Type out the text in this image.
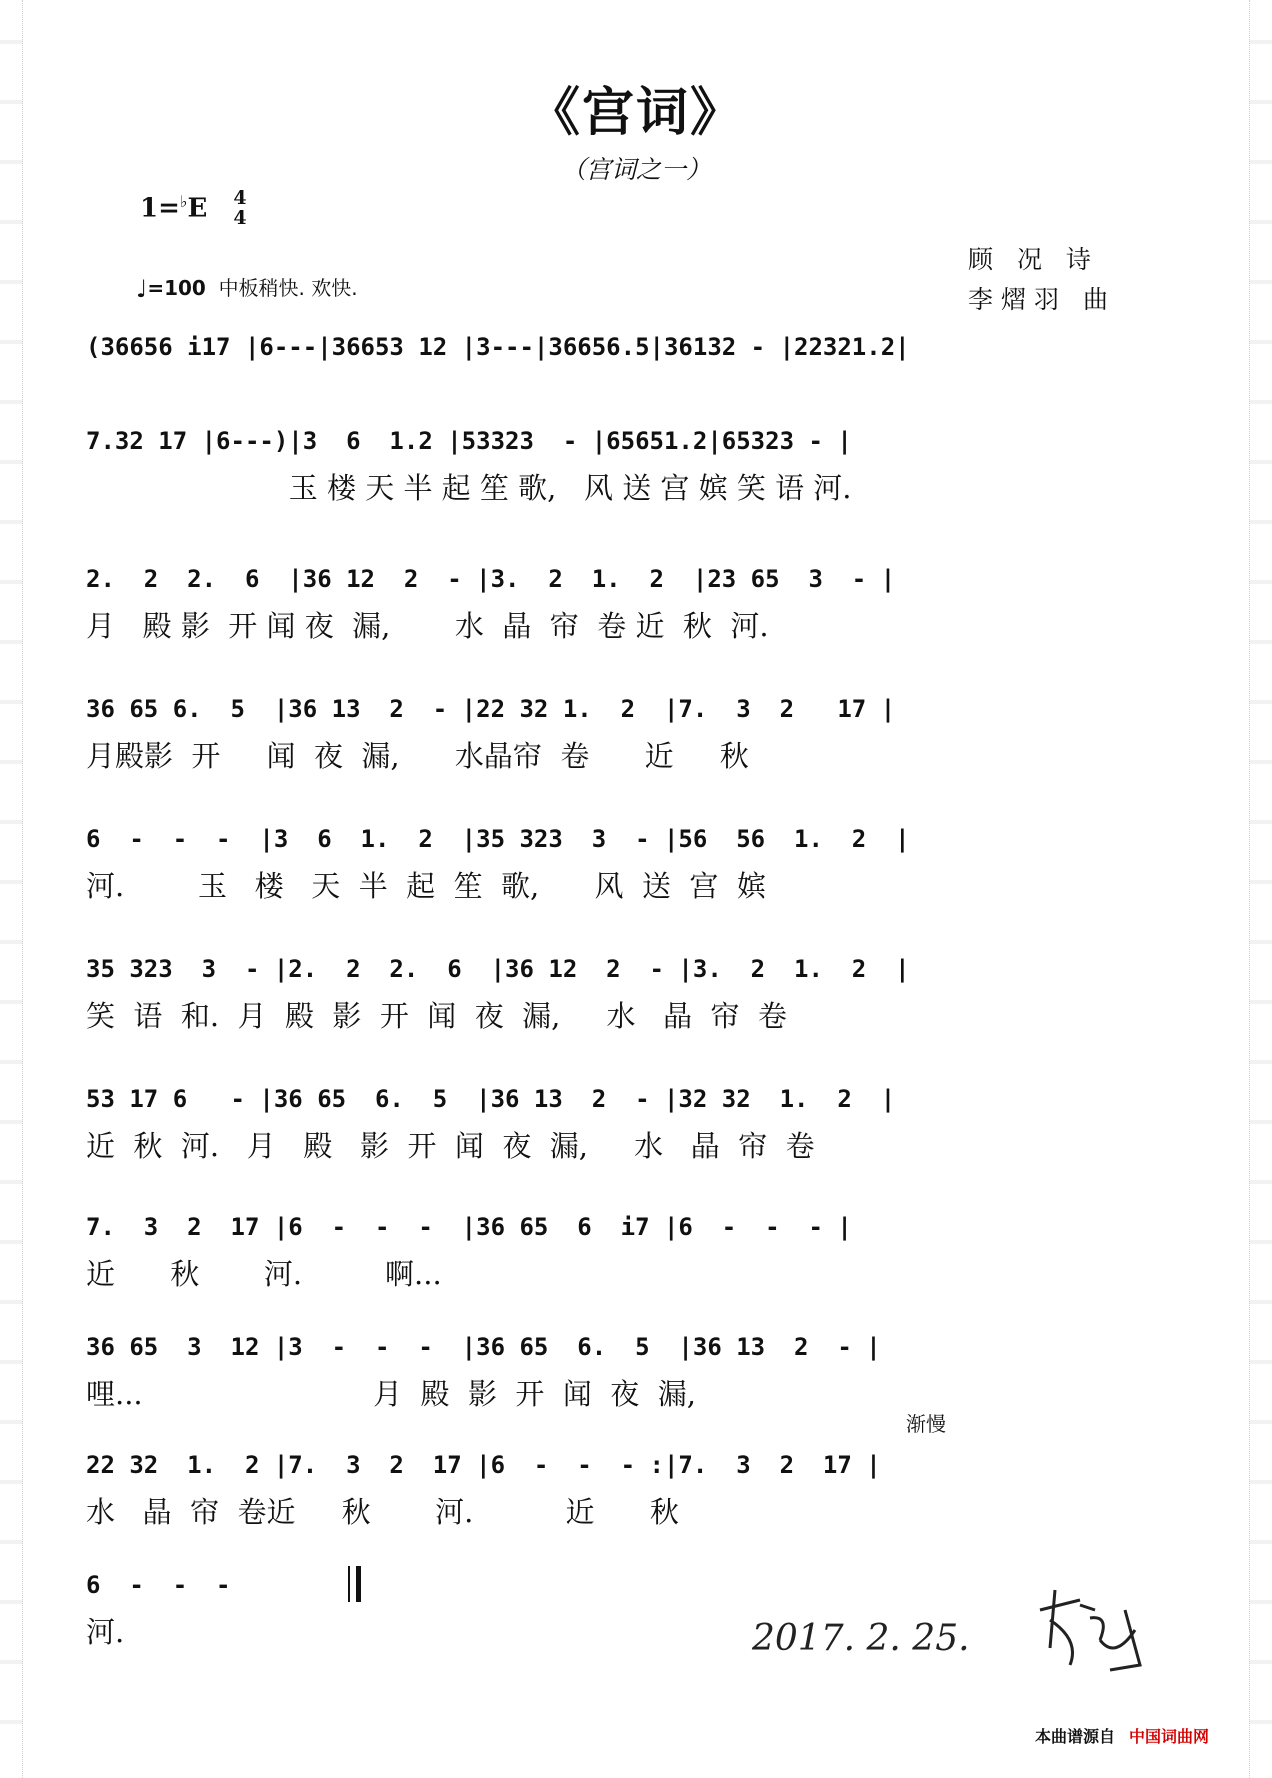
《宫词》
（宫词之一）
1=♭E 4
4
♩=100 中板稍快. 欢快.
顾 况 诗
李熠羽 曲
(36656 i17 |6---|36653 12 |3---|36656.5|36132 - |22321.2|
7.32 17 |6---)|3  6  1.2 |53323  - |65651.2|65323 - |
玉 楼 天 半 起 笙 歌,   风 送 宫 嫔 笑 语 河.
2.  2  2.  6  |36 12  2  - |3.  2  1.  2  |23 65  3  - |
月   殿 影  开 闻 夜  漏,       水  晶  帘  卷 近  秋  河.
36 65 6.  5  |36 13  2  - |22 32 1.  2  |7.  3  2   17 |
月殿影  开     闻  夜  漏,      水晶帘  卷      近     秋
6  -  -  -  |3  6  1.  2  |35 323  3  - |56  56  1.  2  |
河.        玉   楼   天  半  起  笙  歌,      风  送  宫  嫔
35 323  3  - |2.  2  2.  6  |36 12  2  - |3.  2  1.  2  |
笑  语  和.  月  殿  影  开  闻  夜  漏,     水   晶  帘  卷
53 17 6   - |36 65  6.  5  |36 13  2  - |32 32  1.  2  |
近  秋  河.   月   殿   影  开  闻  夜  漏,     水   晶  帘  卷
7.  3  2  17 |6  -  -  -  |36 65  6  i7 |6  -  -  - |
近      秋       河.         啊...
36 65  3  12 |3  -  -  -  |36 65  6.  5  |36 13  2  - |
哩...                         月  殿  影  开  闻  夜  漏,
渐慢
22 32  1.  2 |7.  3  2  17 |6  -  -  - :|7.  3  2  17 |
水   晶  帘  卷近     秋       河.          近      秋
6  -  -  -
河.	2017. 2. 25.
本曲谱源自 中国词曲网
